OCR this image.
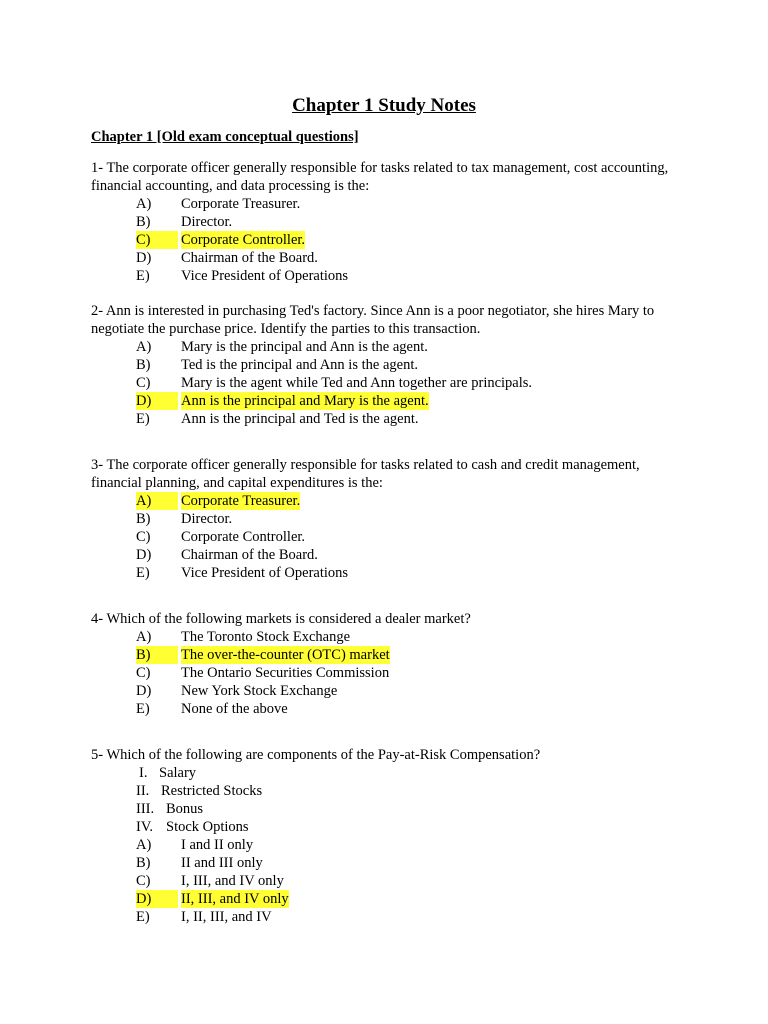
Chapter 1 Study Notes
Chapter 1 [Old exam conceptual questions]

1- The corporate officer generally responsible for tasks related to tax management, cost accounting, financial accounting, and data processing is the:

A) Corporate Treasurer.
B) Director.
C)	Corporate Controller.
D) Chairman of the Board.
E) Vice President of Operations

2- Ann is interested in purchasing Ted's factory. Since Ann is a poor negotiator, she hires Mary to negotiate the purchase price. Identify the parties to this transaction.

A) Mary is the principal and Ann is the agent.
B) Ted is the principal and Ann is the agent.
C) Mary is the agent while Ted and Ann together are principals.
D)	Ann is the principal and Mary is the agent.
E) Ann is the principal and Ted is the agent.

3- The corporate officer generally responsible for tasks related to cash and credit management, financial planning, and capital expenditures is the:

A)	Corporate Treasurer.
B) Director.
C) Corporate Controller.
D) Chairman of the Board.
E) Vice President of Operations

4- Which of the following markets is considered a dealer market?

A) The Toronto Stock Exchange
B)	The over-the-counter (OTC) market
C) The Ontario Securities Commission
D) New York Stock Exchange
E) None of the above

5- Which of the following are components of the Pay-at-Risk Compensation?

I. Salary
II. Restricted Stocks
III. Bonus
IV. Stock Options
A) I and II only
B) II and III only
C) I, III, and IV only
D)	II, III, and IV only
E) I, II, III, and IV
